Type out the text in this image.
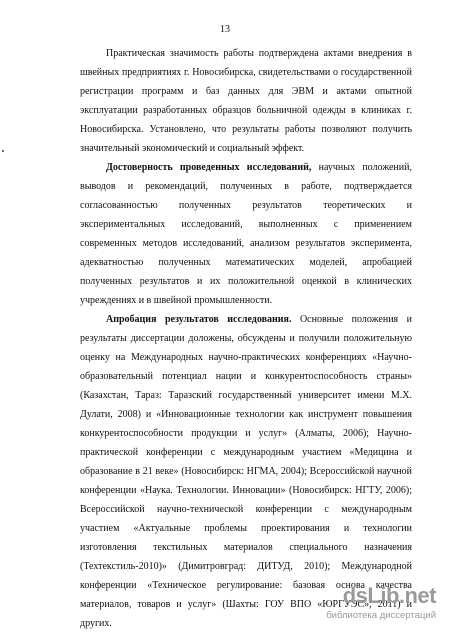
13

Практическая значимость работы подтверждена актами внедрения в швейных предприятиях г. Новосибирска, свидетельствами о государственной регистрации программ и баз данных для ЭВМ и актами опытной эксплуатации разработанных образцов больничной одежды в клиниках г. Новосибирска. Установлено, что результаты работы позволяют получить значительный экономический и социальный эффект.

Достоверность проведенных исследований, научных положений, выводов и рекомендаций, полученных в работе, подтверждается согласованностью полученных результатов теоретических и экспериментальных исследований, выполненных с применением современных методов исследований, анализом результатов эксперимента, адекватностью полученных математических моделей, апробацией полученных результатов и их положительной оценкой в клинических учреждениях и в швейной промышленности.

Апробация результатов исследования. Основные положения и результаты диссертации доложены, обсуждены и получили положительную оценку на Международных научно-практических конференциях «Научно-образовательный потенциал нации и конкурентоспособность страны» (Казахстан, Тараз: Таразский государственный университет имени М.Х. Дулати, 2008) и «Инновационные технологии как инструмент повышения конкурентоспособности продукции и услуг» (Алматы, 2006); Научно-практической конференции с международным участием «Медицина и образование в 21 веке» (Новосибирск: НГМА, 2004); Всероссийской научной конференции «Наука. Технологии. Инновации» (Новосибирск: НГТУ, 2006); Всероссийской научно-технической конференции с международным участием «Актуальные проблемы проектирования и технологии изготовления текстильных материалов специального назначения (Техтекстиль-2010)» (Димитровград: ДИТУД, 2010); Международной конференции «Техническое регулирование: базовая основа качества материалов, товаров и услуг» (Шахты: ГОУ ВПО «ЮРГУЭС», 2011) и других.

dsLib.net
библиотека диссертаций
